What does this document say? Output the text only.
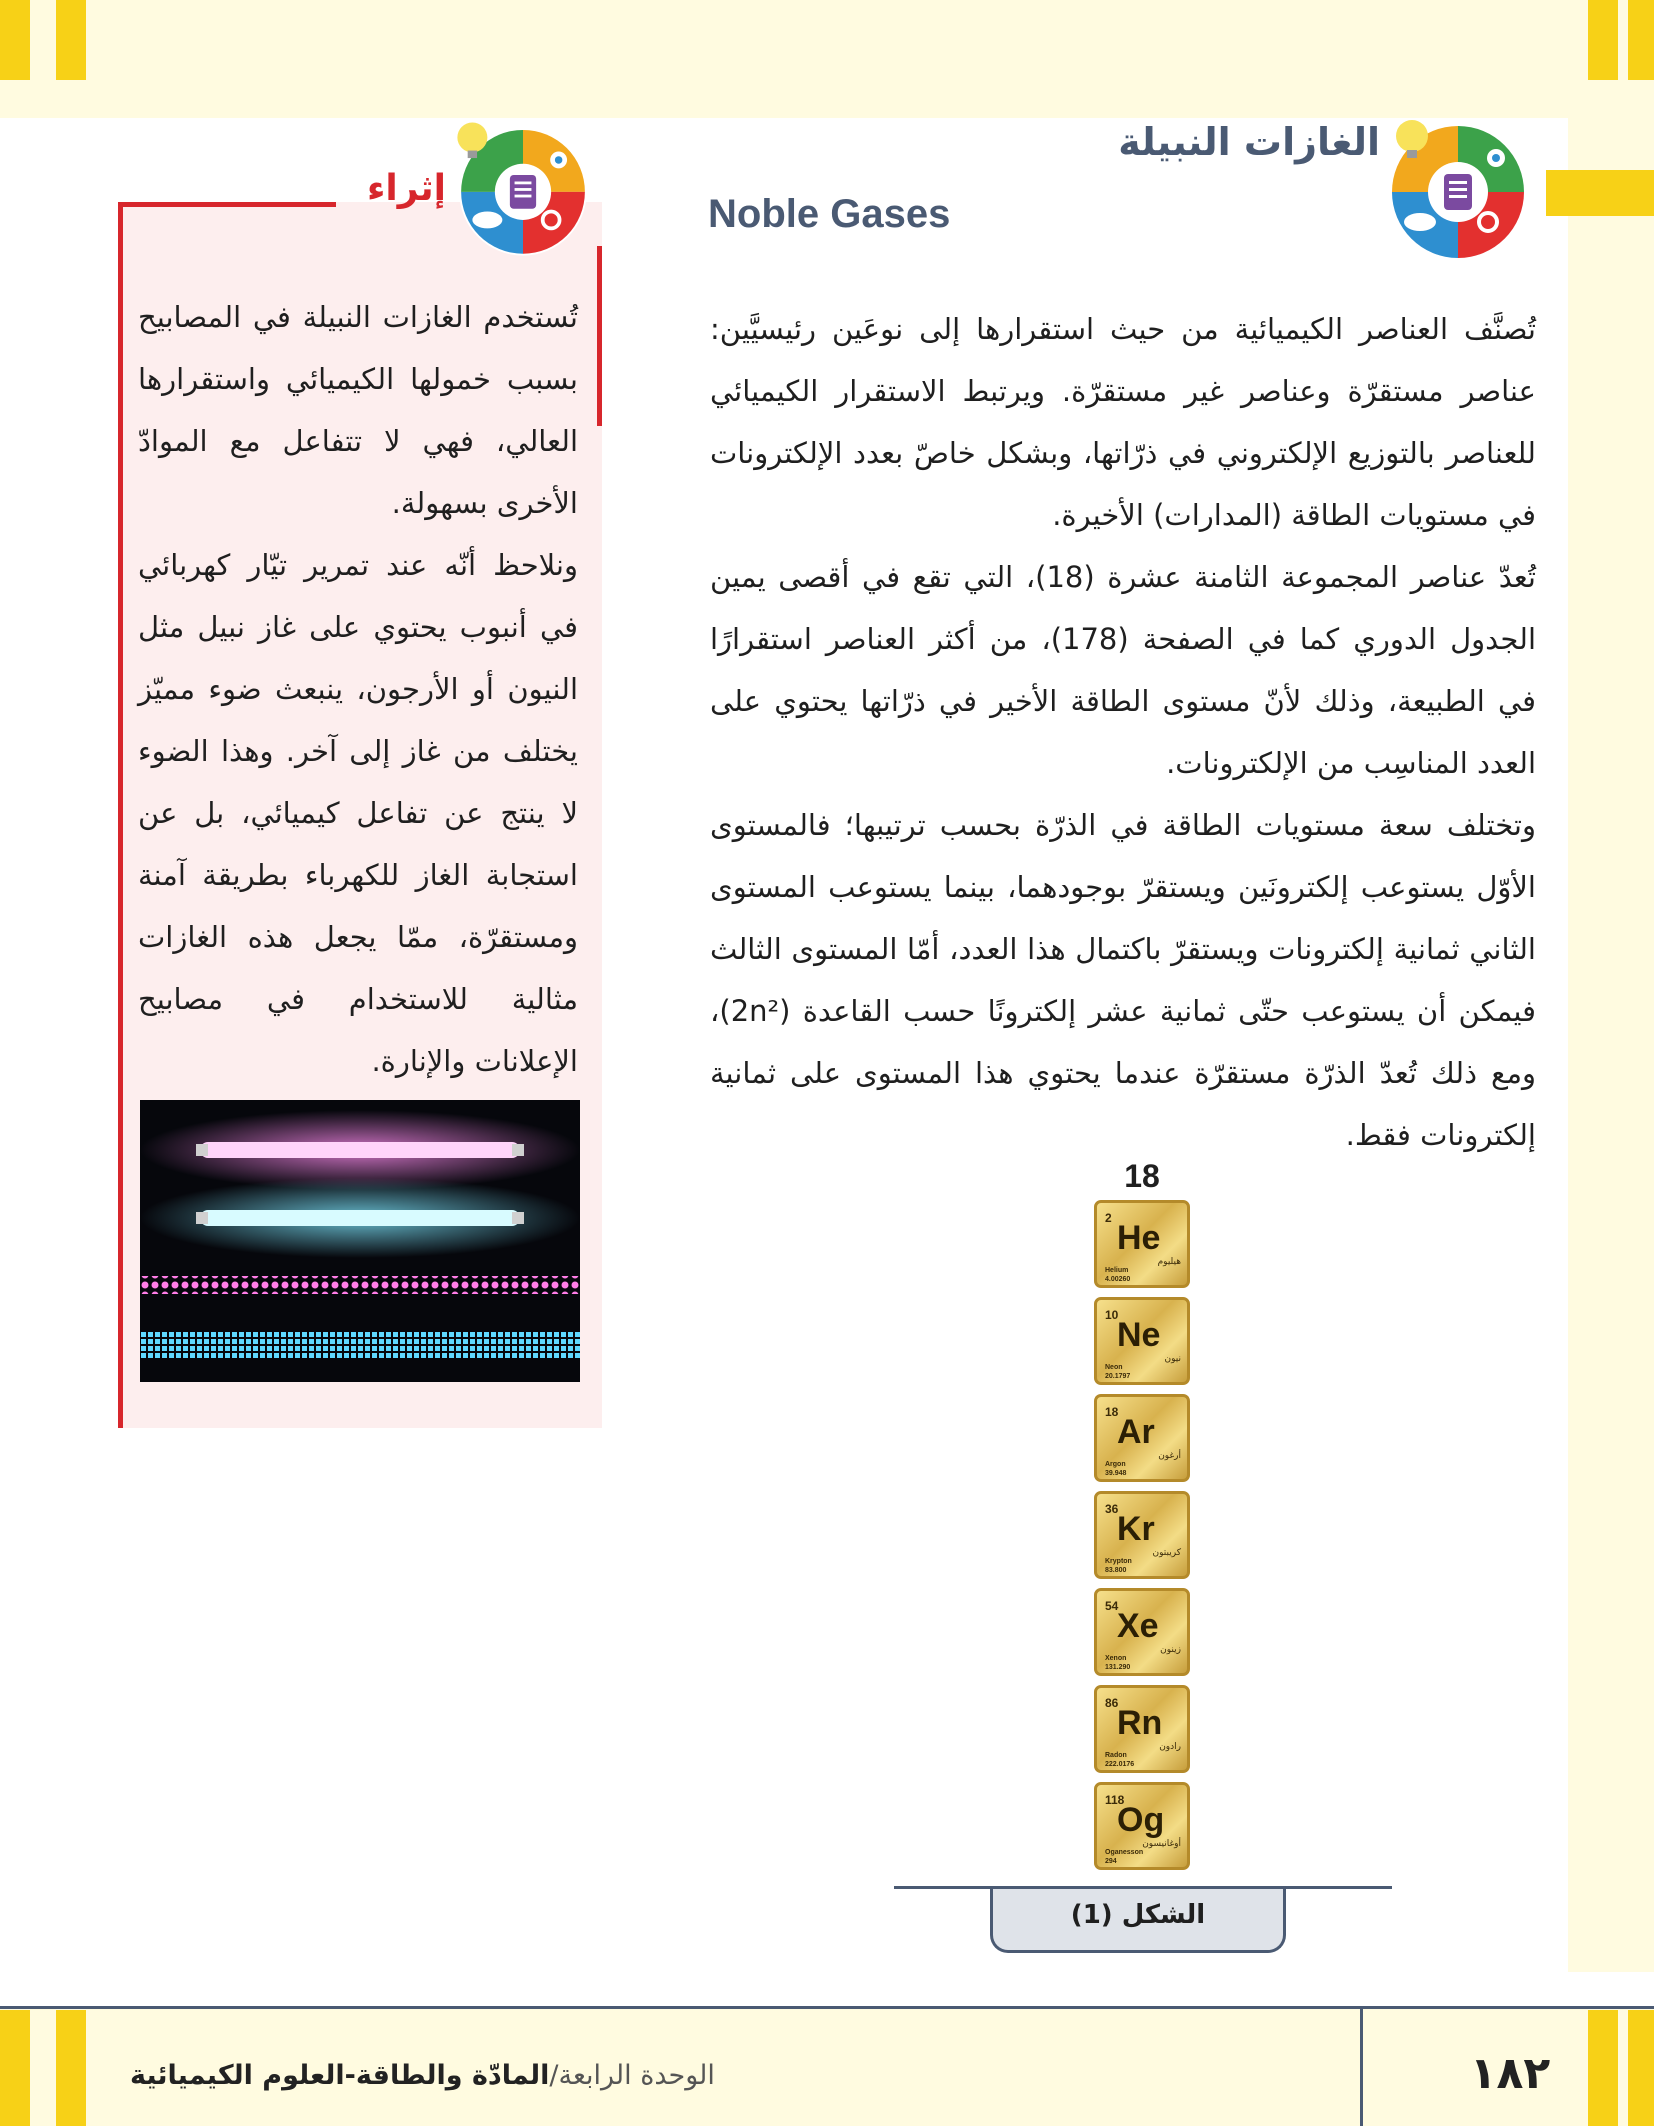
الغازات النبيلة
Noble Gases

تُصنَّف العناصر الكيميائية من حيث استقرارها إلى نوعَين رئيسيَّين: عناصر مستقرّة وعناصر غير مستقرّة. ويرتبط الاستقرار الكيميائي للعناصر بالتوزيع الإلكتروني في ذرّاتها، وبشكل خاصّ بعدد الإلكترونات في مستويات الطاقة (المدارات) الأخيرة.

تُعدّ عناصر المجموعة الثامنة عشرة (18)، التي تقع في أقصى يمين الجدول الدوري كما في الصفحة (178)، من أكثر العناصر استقرارًا في الطبيعة، وذلك لأنّ مستوى الطاقة الأخير في ذرّاتها يحتوي على العدد المناسِب من الإلكترونات.

وتختلف سعة مستويات الطاقة في الذرّة بحسب ترتيبها؛ فالمستوى الأوّل يستوعب إلكترونَين ويستقرّ بوجودهما، بينما يستوعب المستوى الثاني ثمانية إلكترونات ويستقرّ باكتمال هذا العدد، أمّا المستوى الثالث فيمكن أن يستوعب حتّى ثمانية عشر إلكترونًا حسب القاعدة (2n²)، ومع ذلك تُعدّ الذرّة مستقرّة عندما يحتوي هذا المستوى على ثمانية إلكترونات فقط.

إثراء

تُستخدم الغازات النبيلة في المصابيح بسبب خمولها الكيميائي واستقرارها العالي، فهي لا تتفاعل مع الموادّ الأخرى بسهولة.

ونلاحظ أنّه عند تمرير تيّار كهربائي في أنبوب يحتوي على غاز نبيل مثل النيون أو الأرجون، ينبعث ضوء مميّز يختلف من غاز إلى آخر. وهذا الضوء لا ينتج عن تفاعل كيميائي، بل عن استجابة الغاز للكهرباء بطريقة آمنة ومستقرّة، ممّا يجعل هذه الغازات مثالية للاستخدام في مصابيح الإعلانات والإنارة.

18
2
He
هيليوم
Helium
4.00260
10
Ne
نيون
Neon
20.1797
18
Ar
أرغون
Argon
39.948
36
Kr
كريبتون
Krypton
83.800
54
Xe
زينون
Xenon
131.290
86
Rn
رادون
Radon
222.0176
118
Og
أوغانيسون
Oganesson
294
الشكل (1)
الوحدة الرابعة/المادّة والطاقة-العلوم الكيميائية	١٨٢
